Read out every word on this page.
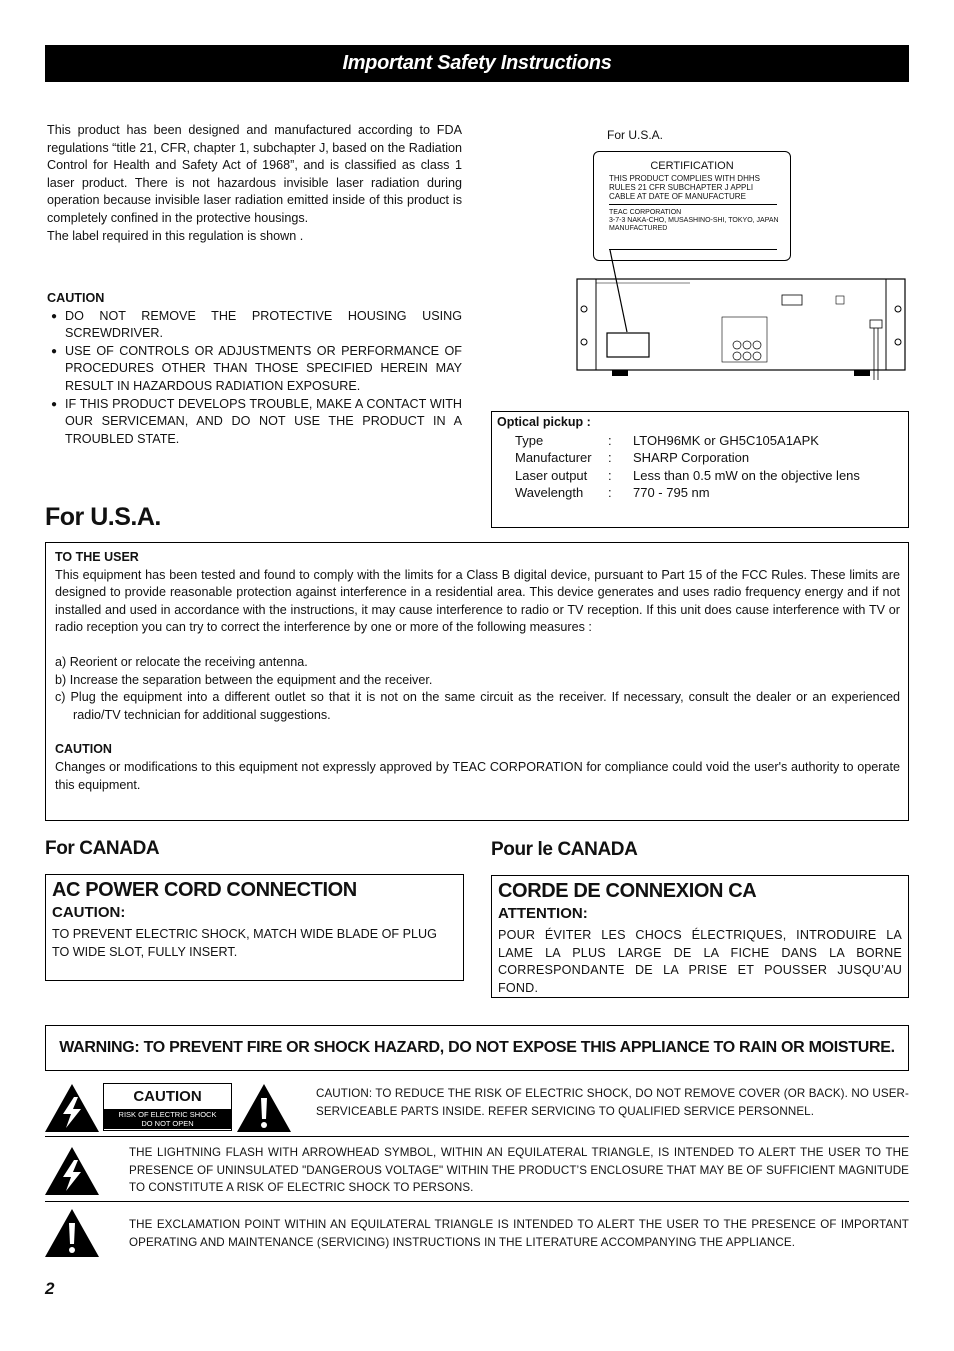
Important Safety Instructions
This product has been designed and manufactured according to FDA regulations “title 21, CFR, chapter 1, subchapter J, based on the Radiation Control for Health and Safety Act of 1968”, and is classified as class 1 laser product. There is not hazardous invisible laser radiation during operation because invisible laser radiation emitted inside of this product is completely confined in the protective housings.

The label required in this regulation is shown .
CAUTION
● DO NOT REMOVE THE PROTECTIVE HOUSING USING SCREWDRIVER.
● USE OF CONTROLS OR ADJUSTMENTS OR PERFORMANCE OF PROCEDURES OTHER THAN THOSE SPECIFIED HEREIN MAY RESULT IN HAZARDOUS RADIATION EXPOSURE.
● IF THIS PRODUCT DEVELOPS TROUBLE, MAKE A CONTACT WITH OUR SERVICEMAN, AND DO NOT USE THE PRODUCT IN A TROUBLED STATE.
For U.S.A.
CERTIFICATION
THIS PRODUCT COMPLIES WITH DHHS
RULES 21 CFR SUBCHAPTER J APPLI
CABLE AT DATE OF MANUFACTURE
TEAC CORPORATION
3-7-3 NAKA-CHO, MUSASHINO-SHI, TOKYO, JAPAN
MANUFACTURED
Optical pickup :
Type	: LTOH96MK or GH5C105A1APK
Manufacturer : SHARP Corporation
Laser output : Less than 0.5 mW on the objective lens
Wavelength : 770 - 795 nm
For U.S.A.
TO THE USER
This equipment has been tested and found to comply with the limits for a Class B digital device, pursuant to Part 15 of the FCC Rules. These limits are designed to provide reasonable protection against interference in a residential area. This device generates and uses radio frequency energy and if not installed and used in accordance with the instructions, it may cause interference to radio or TV reception. If this unit does cause interference with TV or radio reception you can try to correct the interference by one or more of the following measures :
a) Reorient or relocate the receiving antenna.
b) Increase the separation between the equipment and the receiver.
c) Plug the equipment into a different outlet so that it is not on the same circuit as the receiver. If necessary, consult the dealer or an experienced radio/TV technician for additional suggestions.
CAUTION
Changes or modifications to this equipment not expressly approved by TEAC CORPORATION for compliance could void the user's authority to operate this equipment.
For CANADA
AC POWER CORD CONNECTION
CAUTION:
TO PREVENT ELECTRIC SHOCK, MATCH WIDE BLADE OF PLUG TO WIDE SLOT, FULLY INSERT.
Pour le CANADA
CORDE DE CONNEXION CA
ATTENTION:
POUR ÉVITER LES CHOCS ÉLECTRIQUES, INTRODUIRE LA LAME LA PLUS LARGE DE LA FICHE DANS LA BORNE CORRESPONDANTE DE LA PRISE ET POUSSER JUSQU’AU FOND.
WARNING: TO PREVENT FIRE OR SHOCK HAZARD, DO NOT EXPOSE THIS APPLIANCE TO RAIN OR MOISTURE.
CAUTION
RISK OF ELECTRIC SHOCK
DO NOT OPEN
CAUTION: TO REDUCE THE RISK OF ELECTRIC SHOCK, DO NOT REMOVE COVER (OR BACK). NO USER-SERVICEABLE PARTS INSIDE. REFER SERVICING TO QUALIFIED SERVICE PERSONNEL.
THE LIGHTNING FLASH WITH ARROWHEAD SYMBOL, WITHIN AN EQUILATERAL TRIANGLE, IS INTENDED TO ALERT THE USER TO THE PRESENCE OF UNINSULATED "DANGEROUS VOLTAGE" WITHIN THE PRODUCT’S ENCLOSURE THAT MAY BE OF SUFFICIENT MAGNITUDE TO CONSTITUTE A RISK OF ELECTRIC SHOCK TO PERSONS.
THE EXCLAMATION POINT WITHIN AN EQUILATERAL TRIANGLE IS INTENDED TO ALERT THE USER TO THE PRESENCE OF IMPORTANT OPERATING AND MAINTENANCE (SERVICING) INSTRUCTIONS IN THE LITERATURE ACCOMPANYING THE APPLIANCE.
2
